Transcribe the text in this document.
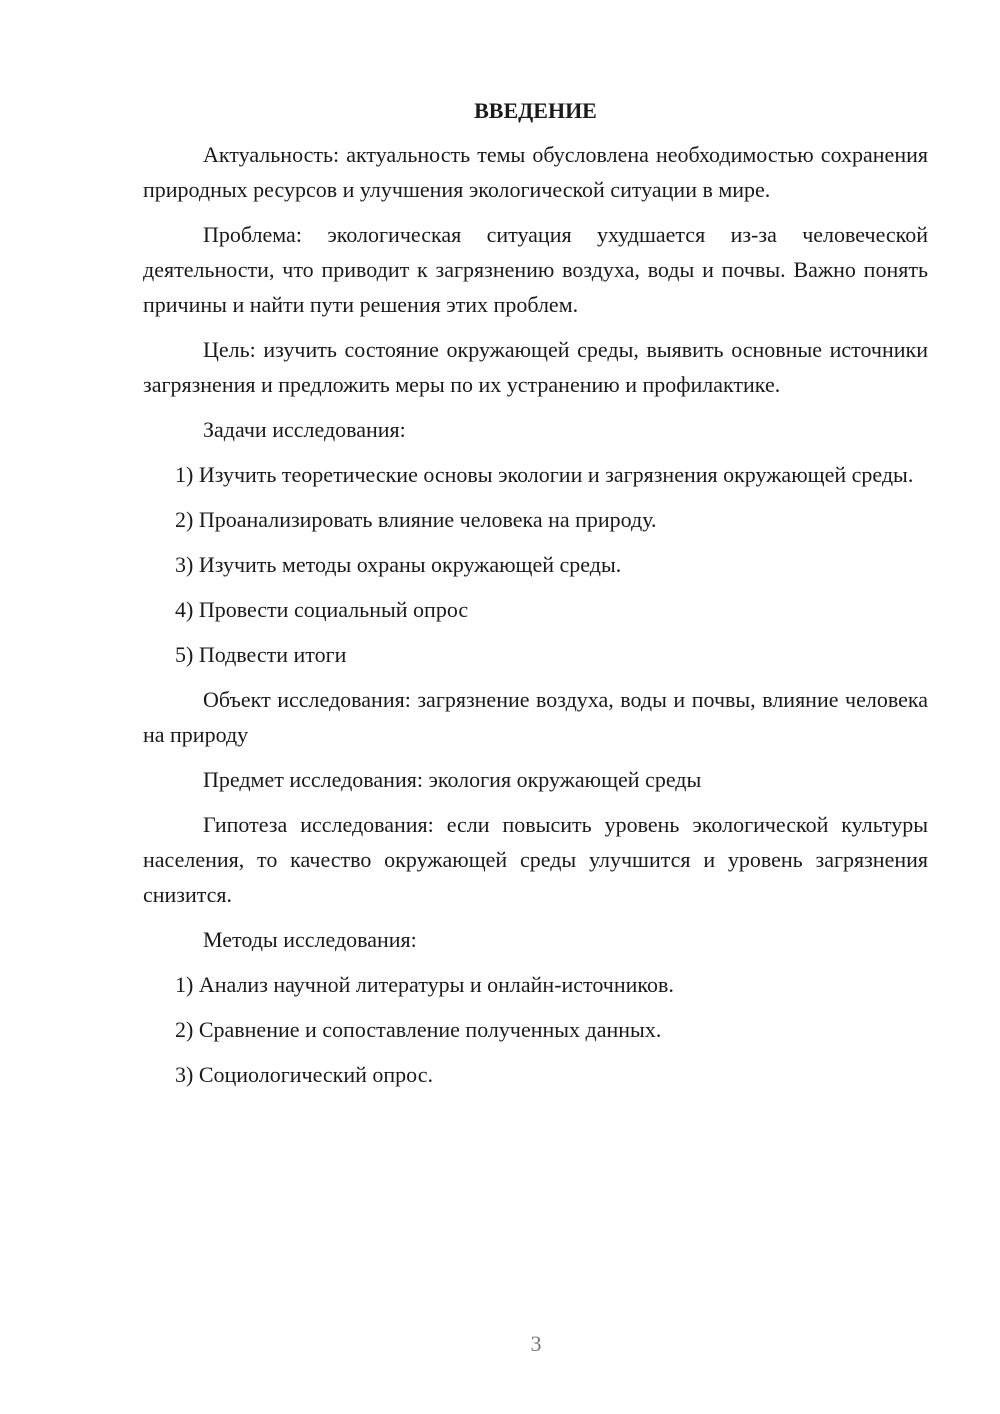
ВВЕДЕНИЕ

Актуальность: актуальность темы обусловлена необходимостью сохранения природных ресурсов и улучшения экологической ситуации в мире.

Проблема: экологическая ситуация ухудшается из-за человеческой деятельности, что приводит к загрязнению воздуха, воды и почвы. Важно понять причины и найти пути решения этих проблем.

Цель: изучить состояние окружающей среды, выявить основные источники загрязнения и предложить меры по их устранению и профилактике.

Задачи исследования:

1) Изучить теоретические основы экологии и загрязнения окружающей среды.

2) Проанализировать влияние человека на природу.

3) Изучить методы охраны окружающей среды.

4) Провести социальный опрос

5) Подвести итоги

Объект исследования: загрязнение воздуха, воды и почвы, влияние человека на природу

Предмет исследования: экология окружающей среды

Гипотеза исследования: если повысить уровень экологической культуры населения, то качество окружающей среды улучшится и уровень загрязнения снизится.

Методы исследования:

1) Анализ научной литературы и онлайн-источников.

2) Сравнение и сопоставление полученных данных.

3) Социологический опрос.

3
